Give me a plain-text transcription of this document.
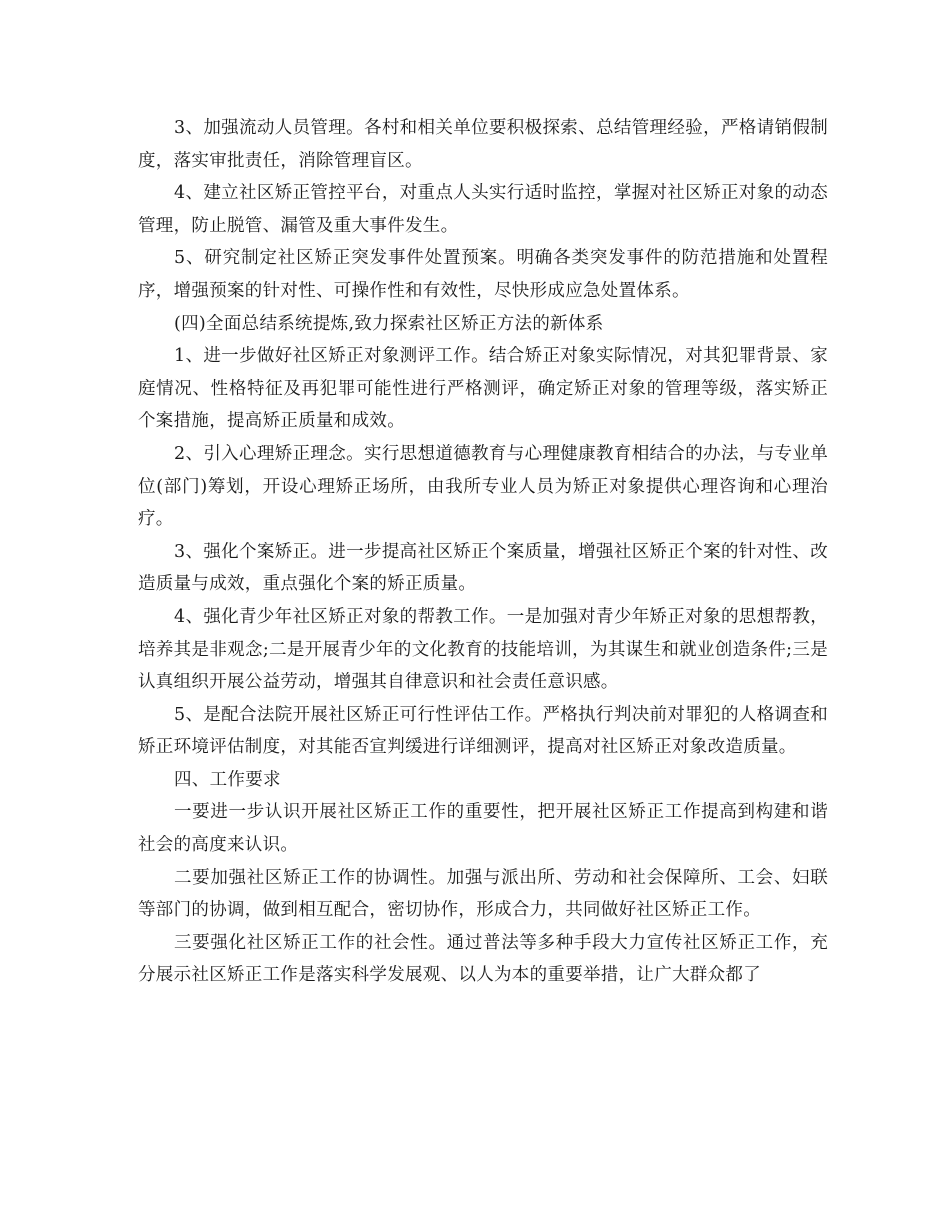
3、加强流动人员管理。各村和相关单位要积极探索、总结管理经验，严格请销假制度，落实审批责任，消除管理盲区。

4、建立社区矫正管控平台，对重点人头实行适时监控，掌握对社区矫正对象的动态管理，防止脱管、漏管及重大事件发生。

5、研究制定社区矫正突发事件处置预案。明确各类突发事件的防范措施和处置程序，增强预案的针对性、可操作性和有效性，尽快形成应急处置体系。

(四)全面总结系统提炼,致力探索社区矫正方法的新体系

1、进一步做好社区矫正对象测评工作。结合矫正对象实际情况，对其犯罪背景、家庭情况、性格特征及再犯罪可能性进行严格测评，确定矫正对象的管理等级，落实矫正个案措施，提高矫正质量和成效。

2、引入心理矫正理念。实行思想道德教育与心理健康教育相结合的办法，与专业单位(部门)筹划，开设心理矫正场所，由我所专业人员为矫正对象提供心理咨询和心理治疗。

3、强化个案矫正。进一步提高社区矫正个案质量，增强社区矫正个案的针对性、改造质量与成效，重点强化个案的矫正质量。

4、强化青少年社区矫正对象的帮教工作。一是加强对青少年矫正对象的思想帮教，培养其是非观念;二是开展青少年的文化教育的技能培训，为其谋生和就业创造条件;三是认真组织开展公益劳动，增强其自律意识和社会责任意识感。

5、是配合法院开展社区矫正可行性评估工作。严格执行判决前对罪犯的人格调查和矫正环境评估制度，对其能否宣判缓进行详细测评，提高对社区矫正对象改造质量。

四、工作要求

一要进一步认识开展社区矫正工作的重要性，把开展社区矫正工作提高到构建和谐社会的高度来认识。

二要加强社区矫正工作的协调性。加强与派出所、劳动和社会保障所、工会、妇联等部门的协调，做到相互配合，密切协作，形成合力，共同做好社区矫正工作。

三要强化社区矫正工作的社会性。通过普法等多种手段大力宣传社区矫正工作，充分展示社区矫正工作是落实科学发展观、以人为本的重要举措，让广大群众都了
